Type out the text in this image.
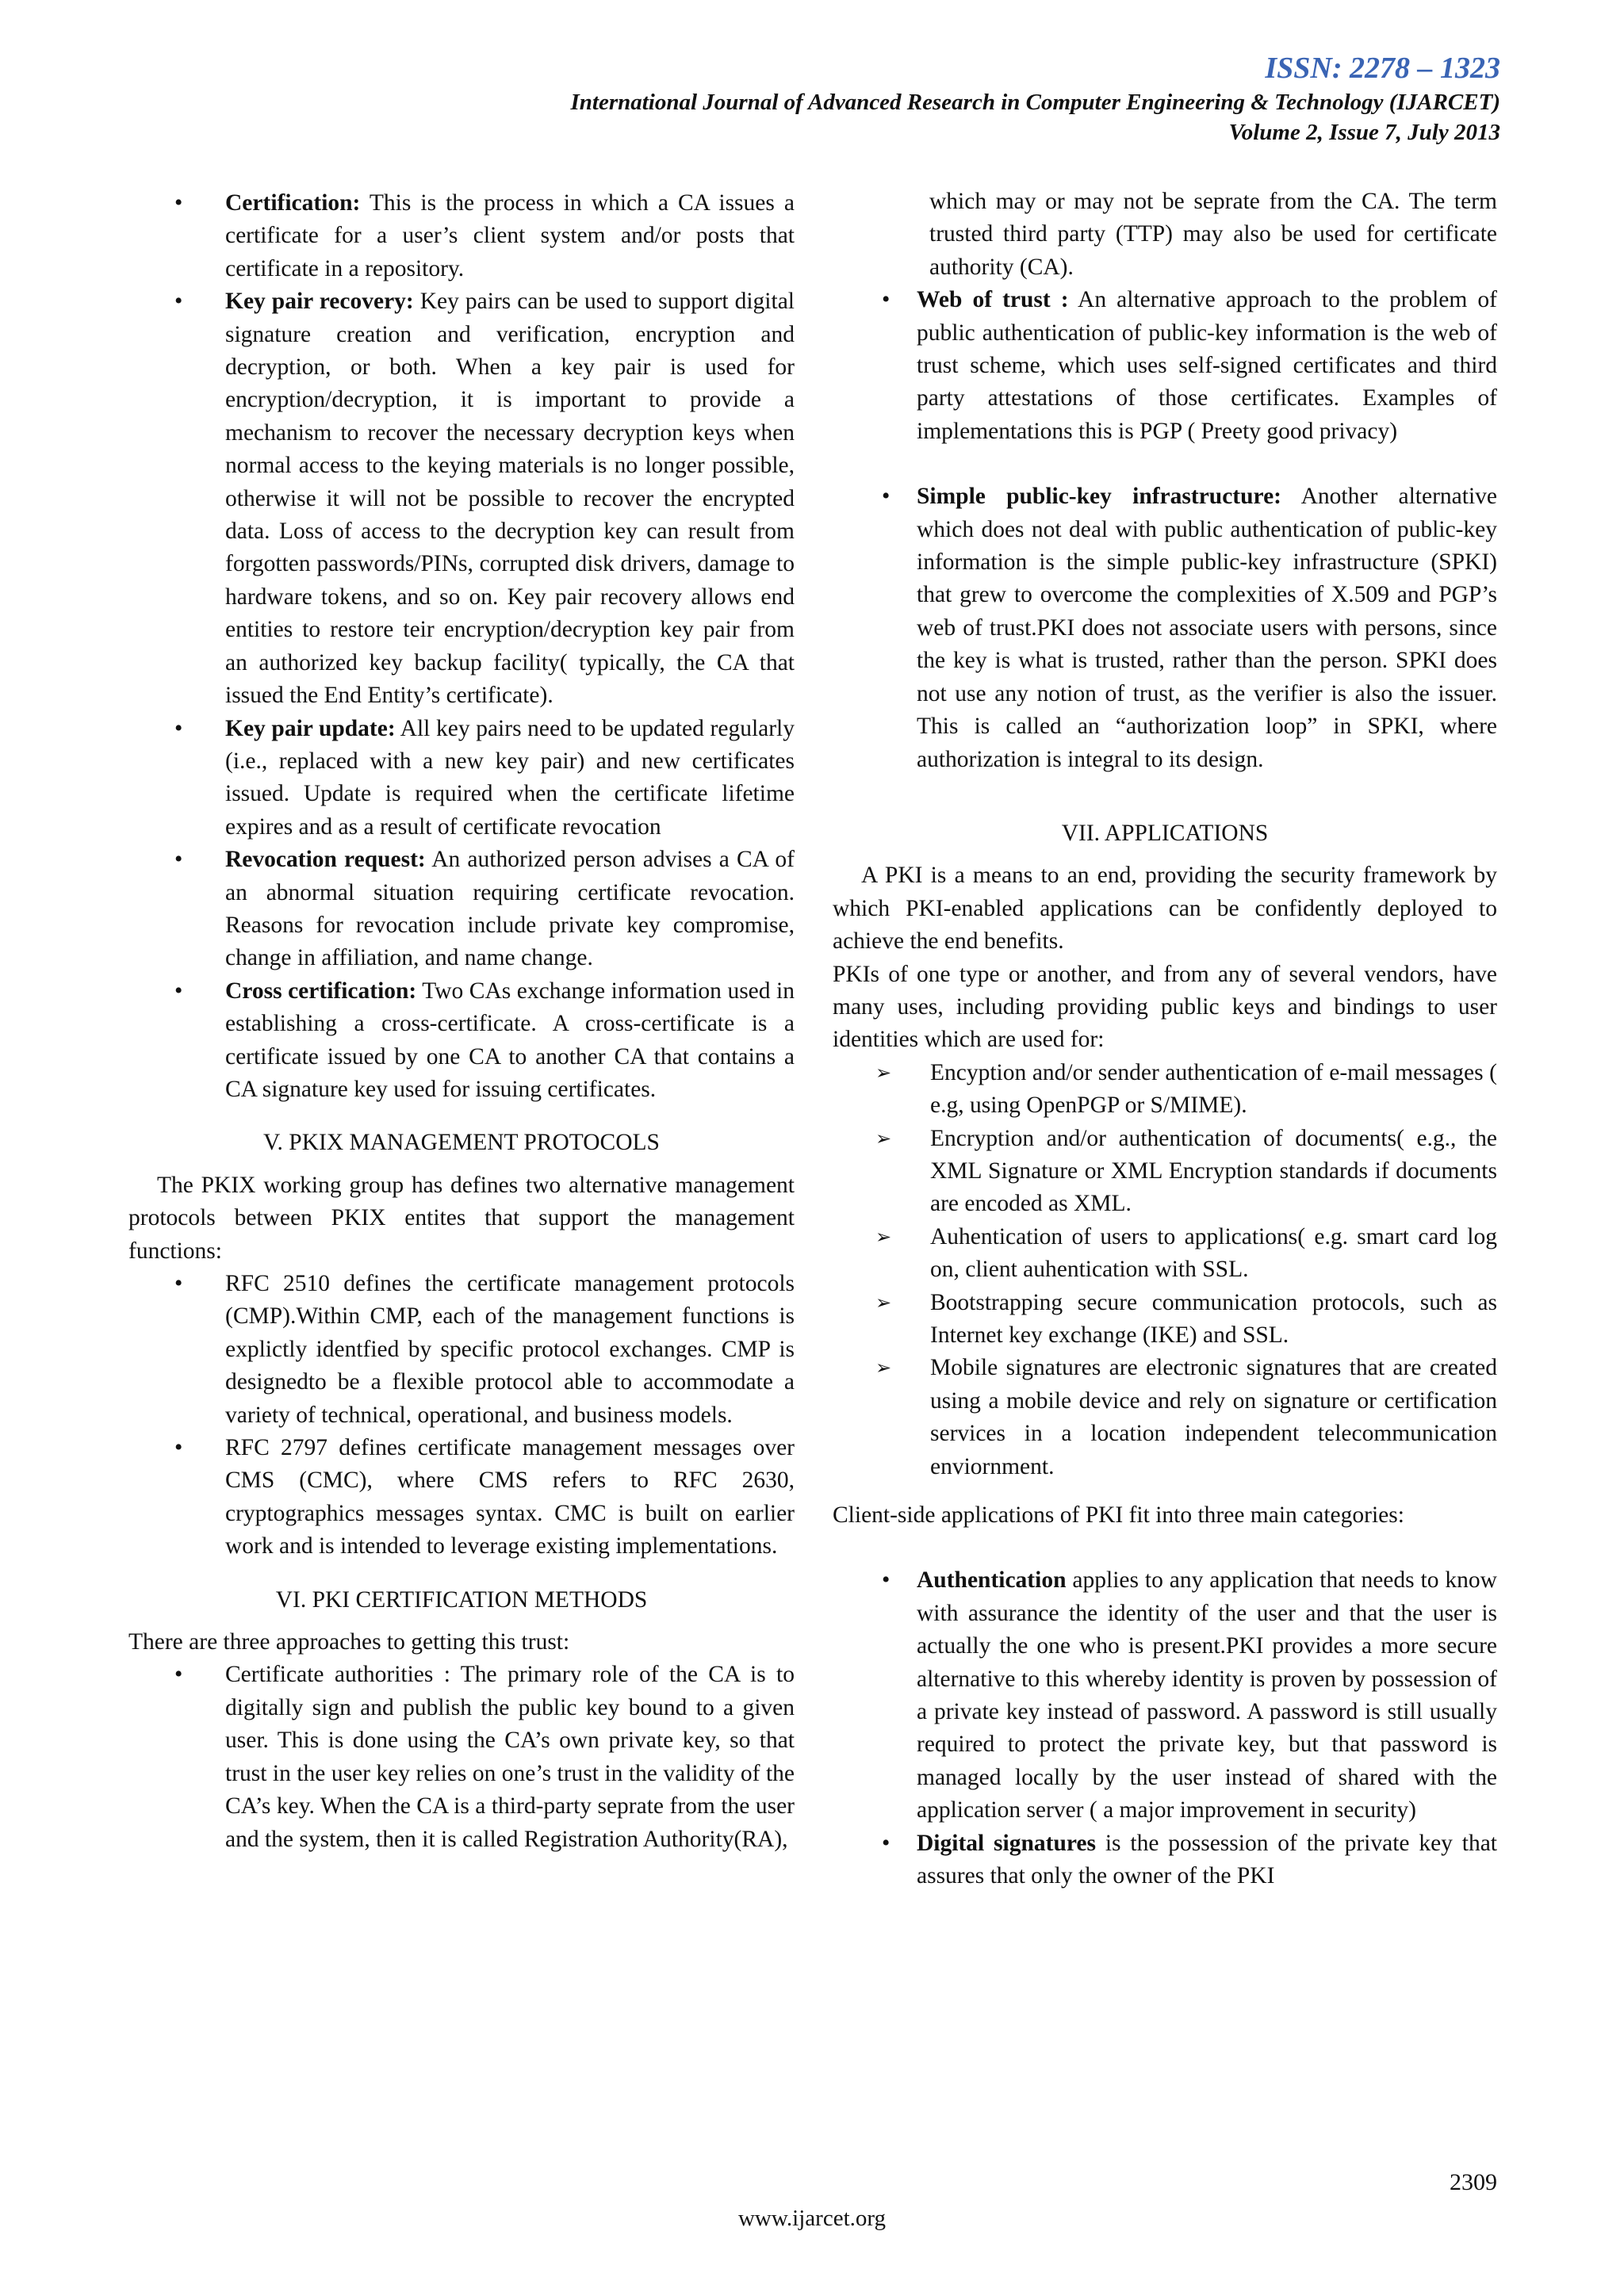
ISSN: 2278 – 1323
International Journal of Advanced Research in Computer Engineering & Technology (IJARCET)
Volume 2, Issue 7, July 2013
• Certification: This is the process in which a CA issues a certificate for a user’s client system and/or posts that certificate in a repository.
• Key pair recovery: Key pairs can be used to support digital signature creation and verification, encryption and decryption, or both. When a key pair is used for encryption/decryption, it is important to provide a mechanism to recover the necessary decryption keys when normal access to the keying materials is no longer possible, otherwise it will not be possible to recover the encrypted data. Loss of access to the decryption key can result from forgotten passwords/PINs, corrupted disk drivers, damage to hardware tokens, and so on. Key pair recovery allows end entities to restore teir encryption/decryption key pair from an authorized key backup facility( typically, the CA that issued the End Entity’s certificate).
• Key pair update: All key pairs need to be updated regularly (i.e., replaced with a new key pair) and new certificates issued. Update is required when the certificate lifetime expires and as a result of certificate revocation
• Revocation request: An authorized person advises a CA of an abnormal situation requiring certificate revocation. Reasons for revocation include private key compromise, change in affiliation, and name change.
• Cross certification: Two CAs exchange information used in establishing a cross-certificate. A cross-certificate is a certificate issued by one CA to another CA that contains a CA signature key used for issuing certificates.
V. PKIX MANAGEMENT PROTOCOLS

The PKIX working group has defines two alternative management protocols between PKIX entites that support the management functions:

• RFC 2510 defines the certificate management protocols (CMP).Within CMP, each of the management functions is explictly identfied by specific protocol exchanges. CMP is designedto be a flexible protocol able to accommodate a variety of technical, operational, and business models.
• RFC 2797 defines certificate management messages over CMS (CMC), where CMS refers to RFC 2630, cryptographics messages syntax. CMC is built on earlier work and is intended to leverage existing implementations.
VI. PKI CERTIFICATION METHODS

There are three approaches to getting this trust:

• Certificate authorities : The primary role of the CA is to digitally sign and publish the public key bound to a given user. This is done using the CA’s own private key, so that trust in the user key relies on one’s trust in the validity of the CA’s key. When the CA is a third-party seprate from the user and the system, then it is called Registration Authority(RA),

which may or may not be seprate from the CA. The term trusted third party (TTP) may also be used for certificate authority (CA).

• Web of trust : An alternative approach to the problem of public authentication of public-key information is the web of trust scheme, which uses self-signed certificates and third party attestations of those certificates. Examples of implementations this is PGP ( Preety good privacy)
• Simple public-key infrastructure: Another alternative which does not deal with public authentication of public-key information is the simple public-key infrastructure (SPKI) that grew to overcome the complexities of X.509 and PGP’s web of trust.PKI does not associate users with persons, since the key is what is trusted, rather than the person. SPKI does not use any notion of trust, as the verifier is also the issuer. This is called an “authorization loop” in SPKI, where authorization is integral to its design.
VII. APPLICATIONS

A PKI is a means to an end, providing the security framework by which PKI-enabled applications can be confidently deployed to achieve the end benefits.

PKIs of one type or another, and from any of several vendors, have many uses, including providing public keys and bindings to user identities which are used for:

➢ Encyption and/or sender authentication of e-mail messages ( e.g, using OpenPGP or S/MIME).
➢ Encryption and/or authentication of documents( e.g., the XML Signature or XML Encryption standards if documents are encoded as XML.
➢ Auhentication of users to applications( e.g. smart card log on, client auhentication with SSL.
➢ Bootstrapping secure communication protocols, such as Internet key exchange (IKE) and SSL.
➢ Mobile signatures are electronic signatures that are created using a mobile device and rely on signature or certification services in a location independent telecommunication enviornment.

Client-side applications of PKI fit into three main categories:

• Authentication applies to any application that needs to know with assurance the identity of the user and that the user is actually the one who is present.PKI provides a more secure alternative to this whereby identity is proven by possession of a private key instead of password. A password is still usually required to protect the private key, but that password is managed locally by the user instead of shared with the application server ( a major improvement in security)
• Digital signatures is the possession of the private key that assures that only the owner of the PKI
2309
www.ijarcet.org
